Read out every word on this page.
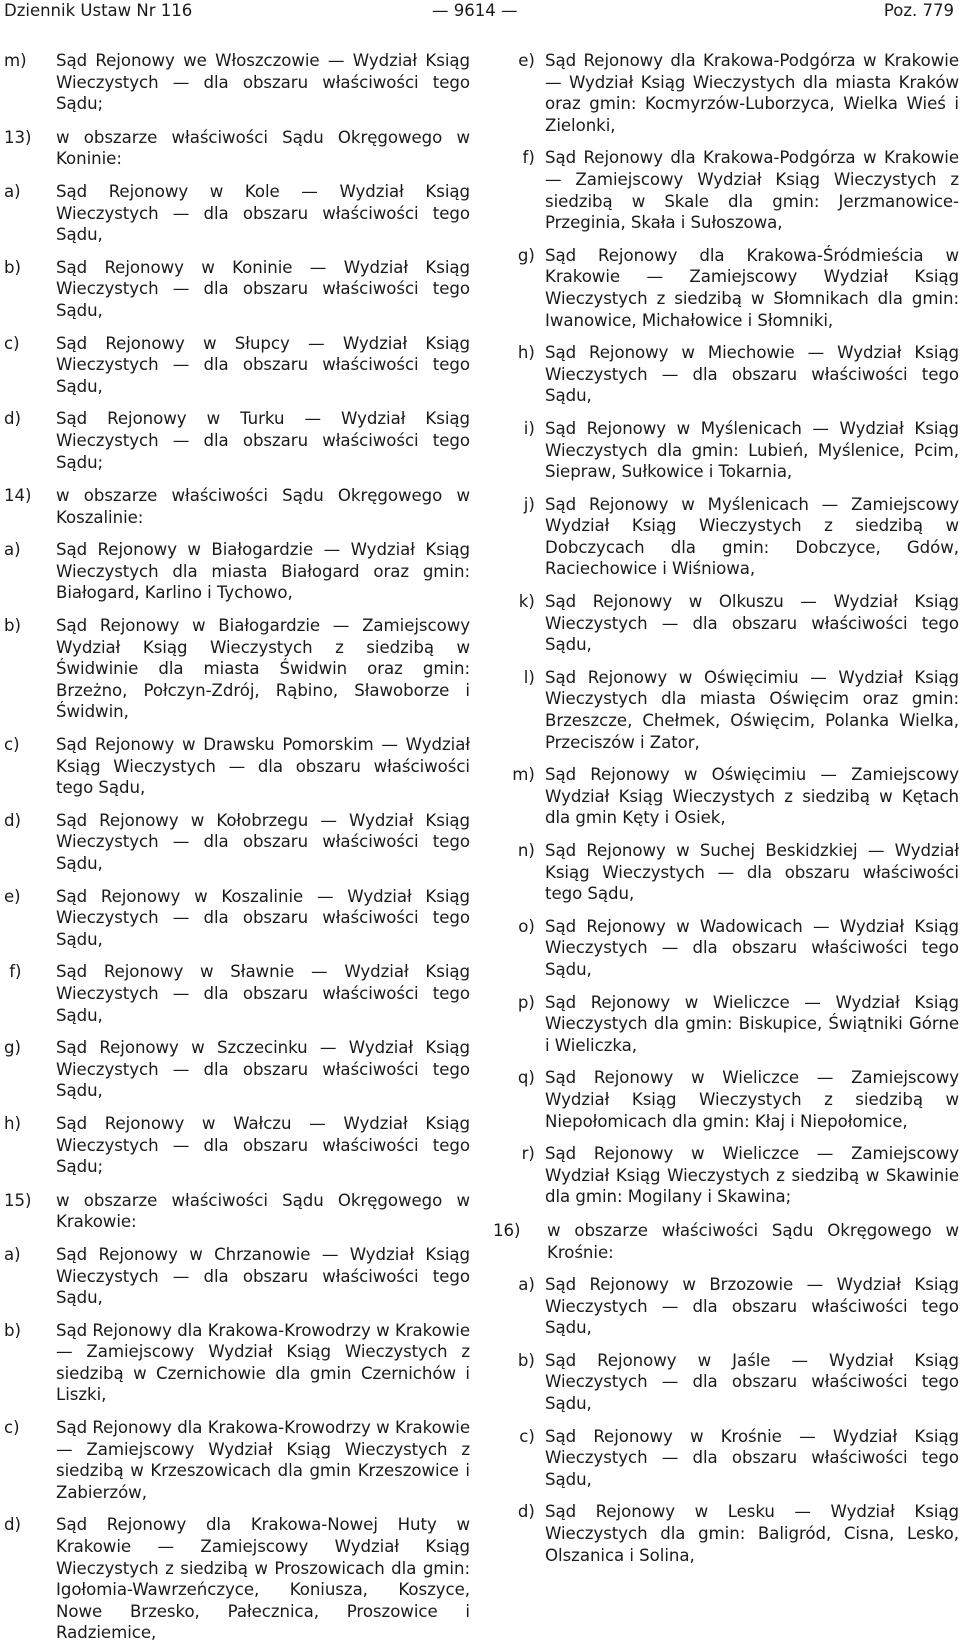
Dziennik Ustaw Nr 116	— 9614 —	Poz. 779
m)	Sąd Rejonowy we Włoszczowie — Wydział Ksiąg Wieczystych — dla obszaru właściwości tego Sądu;
13)	w obszarze właściwości Sądu Okręgowego w Koninie:
a)	Sąd Rejonowy w Kole — Wydział Ksiąg Wieczystych — dla obszaru właściwości tego Sądu,
b)	Sąd Rejonowy w Koninie — Wydział Ksiąg Wieczystych — dla obszaru właściwości tego Sądu,
c)	Sąd Rejonowy w Słupcy — Wydział Ksiąg Wieczystych — dla obszaru właściwości tego Sądu,
d)	Sąd Rejonowy w Turku — Wydział Ksiąg Wieczystych — dla obszaru właściwości tego Sądu;
14)	w obszarze właściwości Sądu Okręgowego w Koszalinie:
a)	Sąd Rejonowy w Białogardzie — Wydział Ksiąg Wieczystych dla miasta Białogard oraz gmin: Białogard, Karlino i Tychowo,
b)	Sąd Rejonowy w Białogardzie — Zamiejscowy Wydział Ksiąg Wieczystych z siedzibą w Świdwinie dla miasta Świdwin oraz gmin: Brzeżno, Połczyn-Zdrój, Rąbino, Sławoborze i Świdwin,
c)	Sąd Rejonowy w Drawsku Pomorskim — Wydział Ksiąg Wieczystych — dla obszaru właściwości tego Sądu,
d)	Sąd Rejonowy w Kołobrzegu — Wydział Ksiąg Wieczystych — dla obszaru właściwości tego Sądu,
e)	Sąd Rejonowy w Koszalinie — Wydział Ksiąg Wieczystych — dla obszaru właściwości tego Sądu,
f)	Sąd Rejonowy w Sławnie — Wydział Ksiąg Wieczystych — dla obszaru właściwości tego Sądu,
g)	Sąd Rejonowy w Szczecinku — Wydział Ksiąg Wieczystych — dla obszaru właściwości tego Sądu,
h)	Sąd Rejonowy w Wałczu — Wydział Ksiąg Wieczystych — dla obszaru właściwości tego Sądu;
15)	w obszarze właściwości Sądu Okręgowego w Krakowie:
a)	Sąd Rejonowy w Chrzanowie — Wydział Ksiąg Wieczystych — dla obszaru właściwości tego Sądu,
b)	Sąd Rejonowy dla Krakowa-Krowodrzy w Krakowie — Zamiejscowy Wydział Ksiąg Wieczystych z siedzibą w Czernichowie dla gmin Czernichów i Liszki,
c)	Sąd Rejonowy dla Krakowa-Krowodrzy w Krakowie — Zamiejscowy Wydział Ksiąg Wieczystych z siedzibą w Krzeszowicach dla gmin Krzeszowice i Zabierzów,
d)	Sąd Rejonowy dla Krakowa-Nowej Huty w Krakowie — Zamiejscowy Wydział Ksiąg Wieczystych z siedzibą w Proszowicach dla gmin: Igołomia-Wawrzeńczyce, Koniusza, Koszyce, Nowe Brzesko, Pałecznica, Proszowice i Radziemice,
e) Sąd Rejonowy dla Krakowa-Podgórza w Krakowie — Wydział Ksiąg Wieczystych dla miasta Kraków oraz gmin: Kocmyrzów-Luborzyca, Wielka Wieś i Zielonki,
f) Sąd Rejonowy dla Krakowa-Podgórza w Krakowie — Zamiejscowy Wydział Ksiąg Wieczystych z siedzibą w Skale dla gmin: Jerzmanowice-Przeginia, Skała i Sułoszowa,
g) Sąd Rejonowy dla Krakowa-Śródmieścia w Krakowie — Zamiejscowy Wydział Ksiąg Wieczystych z siedzibą w Słomnikach dla gmin: Iwanowice, Michałowice i Słomniki,
h) Sąd Rejonowy w Miechowie — Wydział Ksiąg Wieczystych — dla obszaru właściwości tego Sądu,
i) Sąd Rejonowy w Myślenicach — Wydział Ksiąg Wieczystych dla gmin: Lubień, Myślenice, Pcim, Siepraw, Sułkowice i Tokarnia,
j) Sąd Rejonowy w Myślenicach — Zamiejscowy Wydział Ksiąg Wieczystych z siedzibą w Dobczycach dla gmin: Dobczyce, Gdów, Raciechowice i Wiśniowa,
k) Sąd Rejonowy w Olkuszu — Wydział Ksiąg Wieczystych — dla obszaru właściwości tego Sądu,
l) Sąd Rejonowy w Oświęcimiu — Wydział Ksiąg Wieczystych dla miasta Oświęcim oraz gmin: Brzeszcze, Chełmek, Oświęcim, Polanka Wielka, Przeciszów i Zator,
m) Sąd Rejonowy w Oświęcimiu — Zamiejscowy Wydział Ksiąg Wieczystych z siedzibą w Kętach dla gmin Kęty i Osiek,
n) Sąd Rejonowy w Suchej Beskidzkiej — Wydział Ksiąg Wieczystych — dla obszaru właściwości tego Sądu,
o) Sąd Rejonowy w Wadowicach — Wydział Ksiąg Wieczystych — dla obszaru właściwości tego Sądu,
p) Sąd Rejonowy w Wieliczce — Wydział Ksiąg Wieczystych dla gmin: Biskupice, Świątniki Górne i Wieliczka,
q) Sąd Rejonowy w Wieliczce — Zamiejscowy Wydział Ksiąg Wieczystych z siedzibą w Niepołomicach dla gmin: Kłaj i Niepołomice,
r) Sąd Rejonowy w Wieliczce — Zamiejscowy Wydział Ksiąg Wieczystych z siedzibą w Skawinie dla gmin: Mogilany i Skawina;
16)	w obszarze właściwości Sądu Okręgowego w Krośnie:
a) Sąd Rejonowy w Brzozowie — Wydział Ksiąg Wieczystych — dla obszaru właściwości tego Sądu,
b) Sąd Rejonowy w Jaśle — Wydział Ksiąg Wieczystych — dla obszaru właściwości tego Sądu,
c) Sąd Rejonowy w Krośnie — Wydział Ksiąg Wieczystych — dla obszaru właściwości tego Sądu,
d) Sąd Rejonowy w Lesku — Wydział Ksiąg Wieczystych dla gmin: Baligród, Cisna, Lesko, Olszanica i Solina,
